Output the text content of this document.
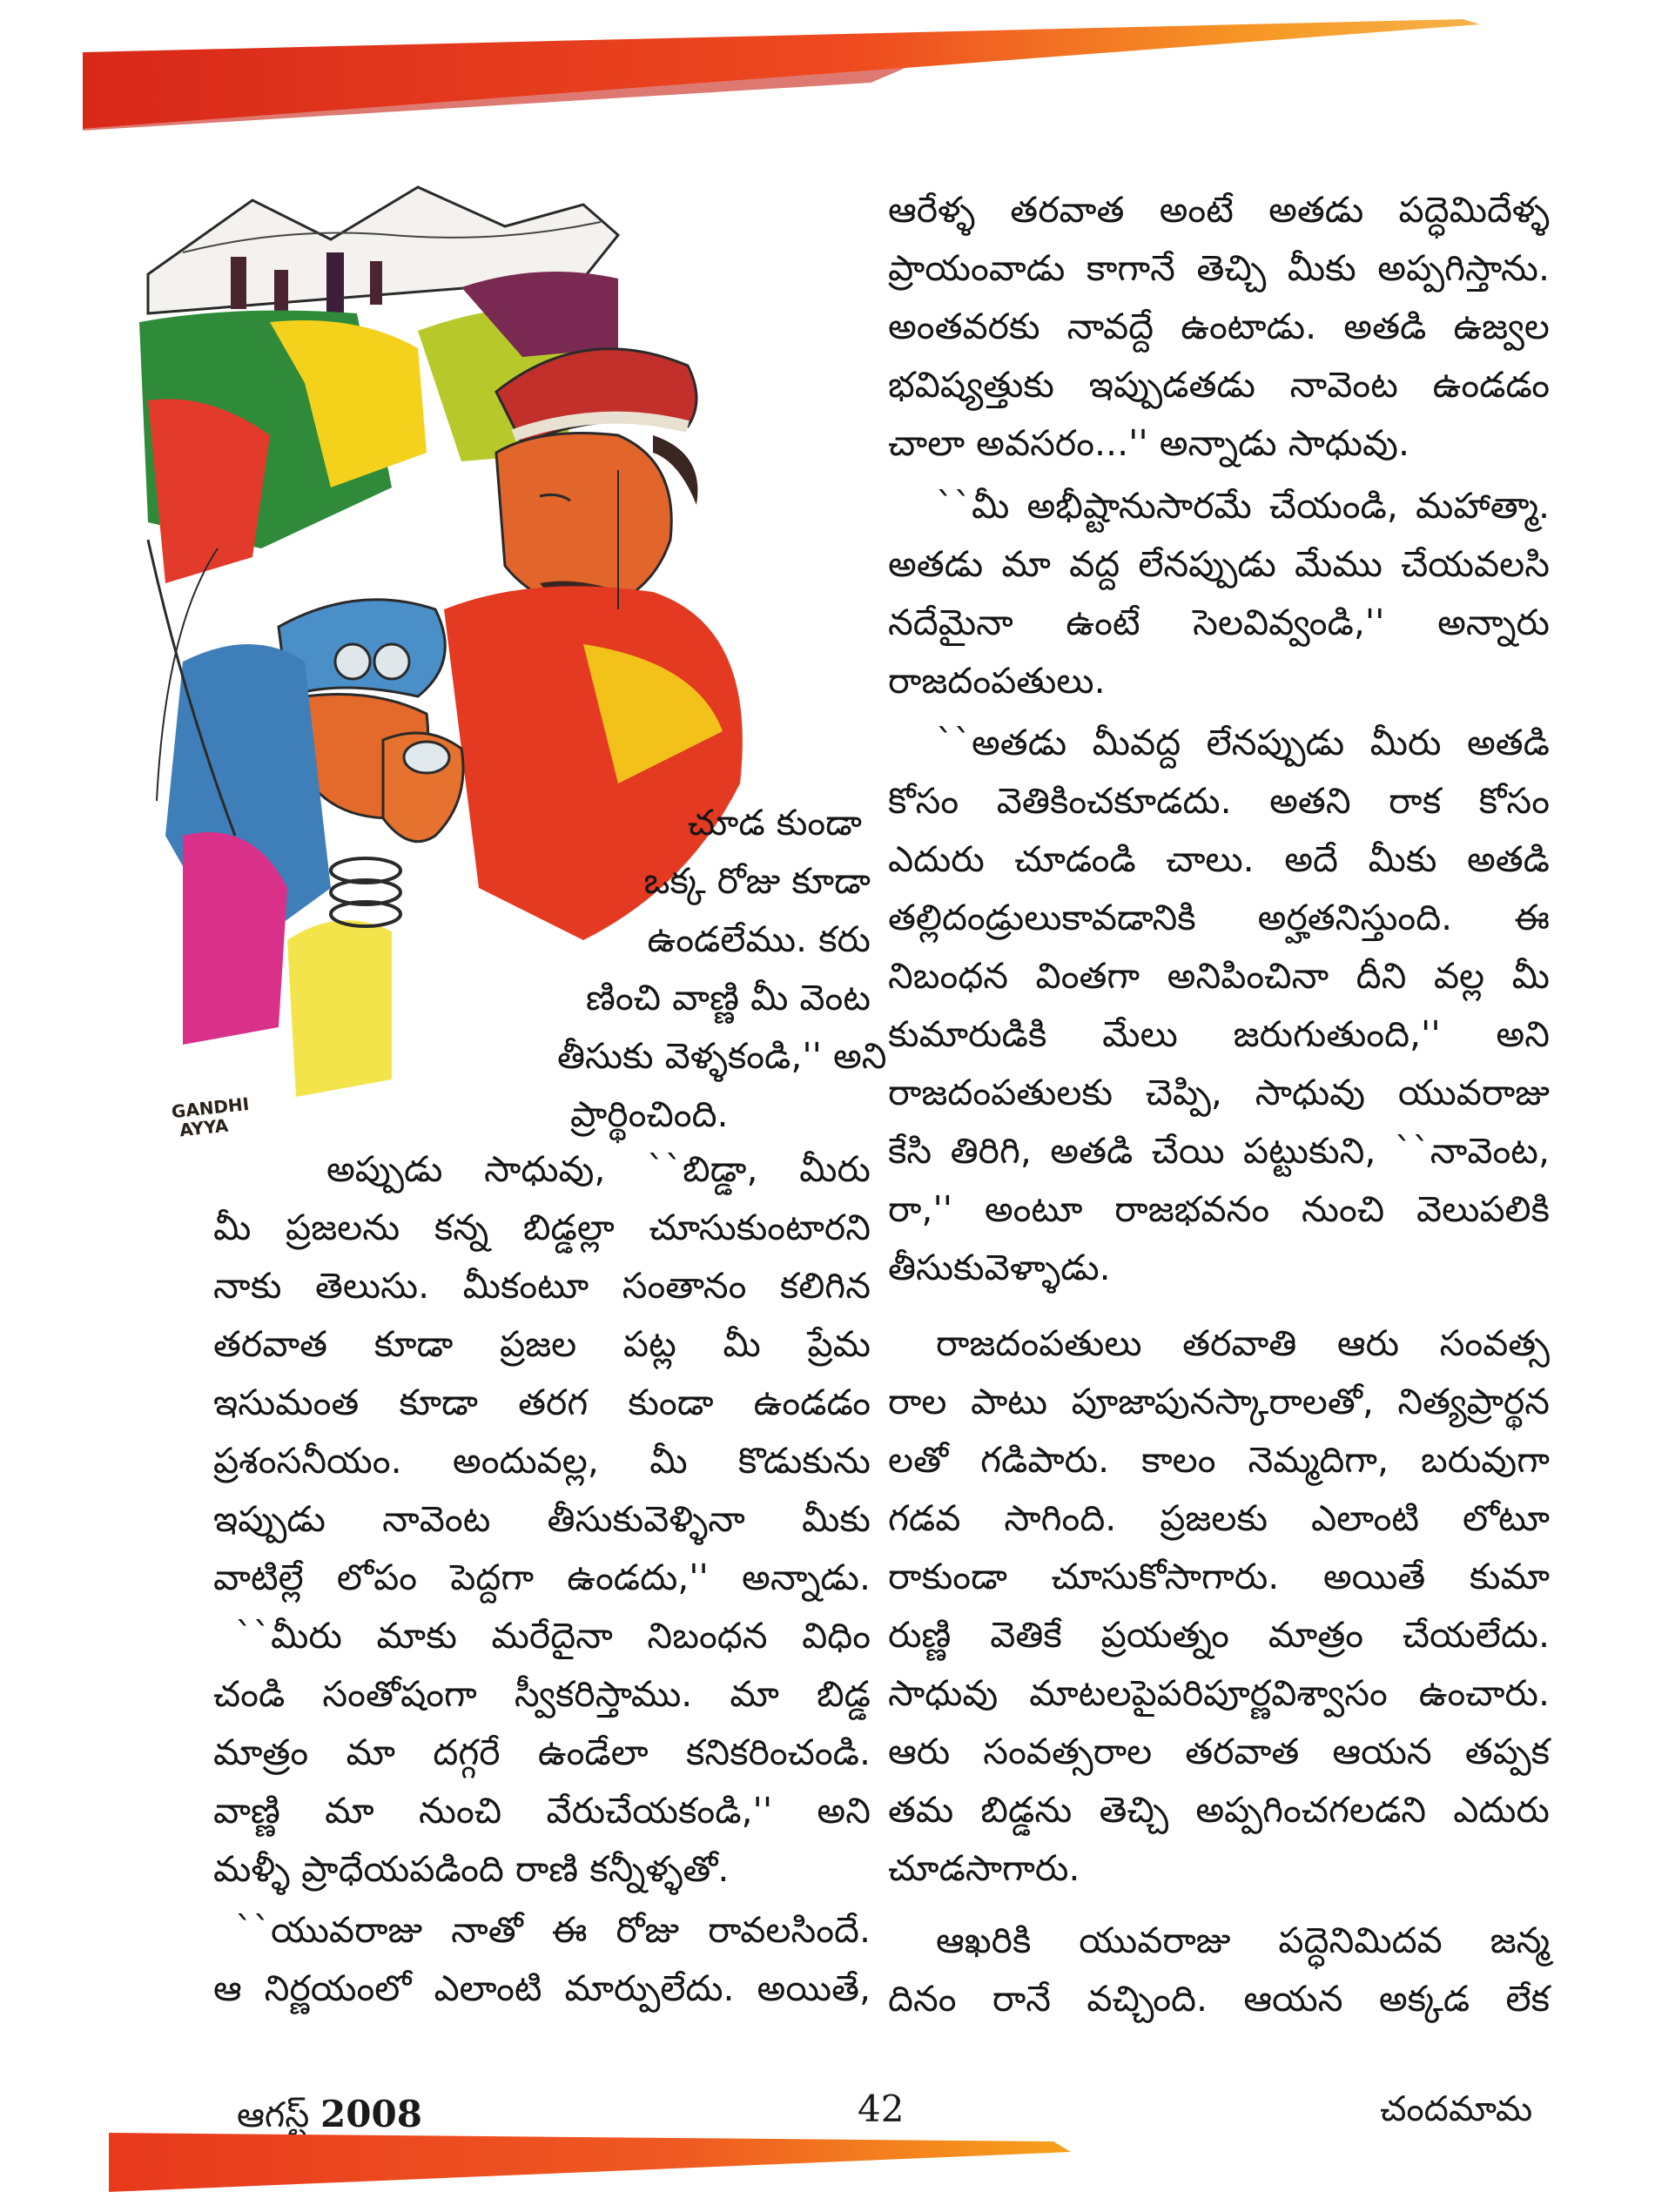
GANDHI
AYYA
ఆరేళ్ళ తరవాత అంటే అతడు పద్ధెమిదేళ్ళ
ప్రాయంవాడు కాగానే తెచ్చి మీకు అప్పగిస్తాను.
అంతవరకు నావద్దే ఉంటాడు. అతడి ఉజ్వల
భవిష్యత్తుకు ఇప్పుడతడు నావెంట ఉండడం
చాలా అవసరం...'' అన్నాడు సాధువు.
``మీ అభీష్టానుసారమే చేయండి, మహాత్మా.
అతడు మా వద్ద లేనప్పుడు మేము చేయవలసి
నదేమైనా ఉంటే సెలవివ్వండి,'' అన్నారు
రాజదంపతులు.
``అతడు మీవద్ద లేనప్పుడు మీరు అతడి
కోసం వెతికించకూడదు. అతని రాక కోసం
ఎదురు చూడండి చాలు. అదే మీకు అతడి
తల్లిదండ్రులుకావడానికి అర్హతనిస్తుంది. ఈ
నిబంధన వింతగా అనిపించినా దీని వల్ల మీ
కుమారుడికి మేలు జరుగుతుంది,'' అని
రాజదంపతులకు చెప్పి, సాధువు యువరాజు
కేసి తిరిగి, అతడి చేయి పట్టుకుని, ``నావెంట,
రా,'' అంటూ రాజభవనం నుంచి వెలుపలికి
తీసుకువెళ్ళాడు.
రాజదంపతులు తరవాతి ఆరు సంవత్స
రాల పాటు పూజాపునస్కారాలతో, నిత్యప్రార్థన
లతో గడిపారు. కాలం నెమ్మదిగా, బరువుగా
గడవ సాగింది. ప్రజలకు ఎలాంటి లోటూ
రాకుండా చూసుకోసాగారు. అయితే కుమా
రుణ్ణి వెతికే ప్రయత్నం మాత్రం చేయలేదు.
సాధువు మాటలపైపరిపూర్ణవిశ్వాసం ఉంచారు.
ఆరు సంవత్సరాల తరవాత ఆయన తప్పక
తమ బిడ్డను తెచ్చి అప్పగించగలడని ఎదురు
చూడసాగారు.
ఆఖరికి యువరాజు పద్ధెనిమిదవ జన్మ
దినం రానే వచ్చింది. ఆయన అక్కడ లేక
చూడ కుండా
ఒక్క రోజు కూడా
ఉండలేము. కరు
ణించి వాణ్ణి మీ వెంట
తీసుకు వెళ్ళకండి,'' అని
ప్రార్థించింది.
అప్పుడు సాధువు, ``బిడ్డా, మీరు
మీ ప్రజలను కన్న బిడ్డల్లా చూసుకుంటారని
నాకు తెలుసు. మీకంటూ సంతానం కలిగిన
తరవాత కూడా ప్రజల పట్ల మీ ప్రేమ
ఇసుమంత కూడా తరగ కుండా ఉండడం
ప్రశంసనీయం. అందువల్ల, మీ కొడుకును
ఇప్పుడు నావెంట తీసుకువెళ్ళినా మీకు
వాటిల్లే లోపం పెద్దగా ఉండదు,'' అన్నాడు.
``మీరు మాకు మరేదైనా నిబంధన విధిం
చండి సంతోషంగా స్వీకరిస్తాము. మా బిడ్డ
మాత్రం మా దగ్గరే ఉండేలా కనికరించండి.
వాణ్ణి మా నుంచి వేరుచేయకండి,'' అని
మళ్ళీ ప్రాధేయపడింది రాణి కన్నీళ్ళతో.
``యువరాజు నాతో ఈ రోజు రావలసిందే.
ఆ నిర్ణయంలో ఎలాంటి మార్పులేదు. అయితే,
ఆగస్ట్ 2008	42	చందమామ
